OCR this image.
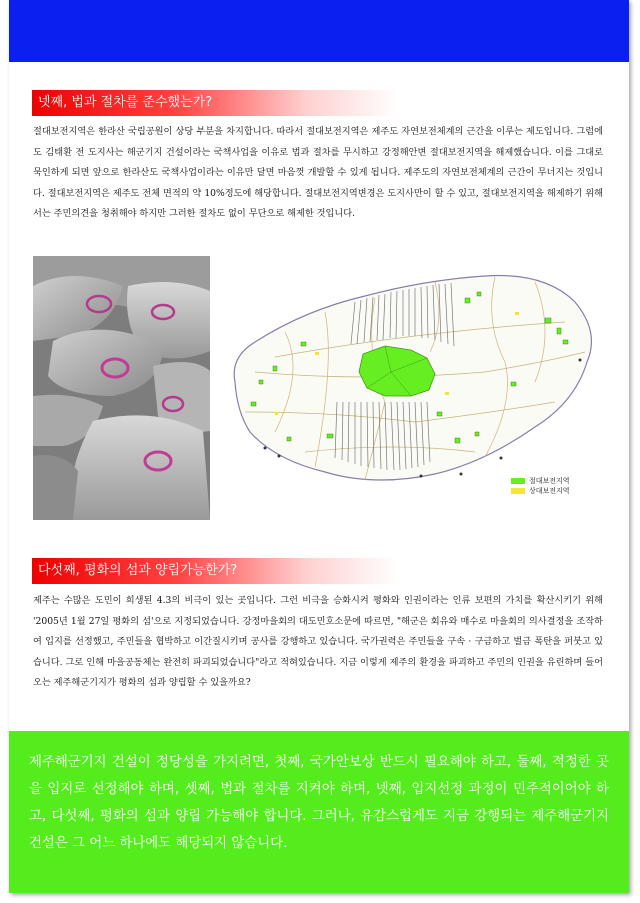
넷째, 법과 절차를 준수했는가?

절대보전지역은 한라산 국립공원이 상당 부분을 차지합니다. 따라서 절대보전지역은 제주도 자연보전체계의 근간을 이루는 제도입니다. 그럼에도 김태환 전 도지사는 해군기지 건설이라는 국책사업을 이유로 법과 절차를 무시하고 강정해안변 절대보전지역을 해제했습니다. 이를 그대로 묵인하게 되면 앞으로 한라산도 국책사업이라는 이유만 달면 마음껏 개발할 수 있게 됩니다. 제주도의 자연보전체계의 근간이 무너지는 것입니다. 절대보전지역은 제주도 전체 면적의 약 10%정도에 해당합니다. 절대보전지역변경은 도지사만이 할 수 있고, 절대보전지역을 해제하기 위해서는 주민의견을 청취해야 하지만 그러한 절차도 없이 무단으로 해제한 것입니다.

절대보전지역
상대보전지역
다섯째, 평화의 섬과 양립가능한가?

제주는 수많은 도민이 희생된 4.3의 비극이 있는 곳입니다. 그런 비극을 승화시켜 평화와 인권이라는 인류 보편의 가치를 확산시키기 위해 '2005년 1월 27일 평화의 섬'으로 지정되었습니다. 강정마을회의 대도민호소문에 따르면, "해군은 회유와 매수로 마을회의 의사결정을 조작하여 입지를 선정했고, 주민들을 협박하고 이간질시키며 공사를 강행하고 있습니다. 국가권력은 주민들을 구속 · 구금하고 벌금 폭탄을 퍼붓고 있습니다. 그로 인해 마을공동체는 완전히 파괴되었습니다"라고 적혀있습니다. 지금 이렇게 제주의 환경을 파괴하고 주민의 인권을 유린하며 들어오는 제주해군기지가 평화의 섬과 양립할 수 있을까요?

제주해군기지 건설이 정당성을 가지려면, 첫째, 국가안보상 반드시 필요해야 하고, 둘째, 적정한 곳을 입지로 선정해야 하며, 셋째, 법과 절차를 지켜야 하며, 넷째, 입지선정 과정이 민주적이어야 하고, 다섯째, 평화의 섬과 양립 가능해야 합니다. 그러나, 유감스럽게도 지금 강행되는 제주해군기지 건설은 그 어느 하나에도 해당되지 않습니다.
